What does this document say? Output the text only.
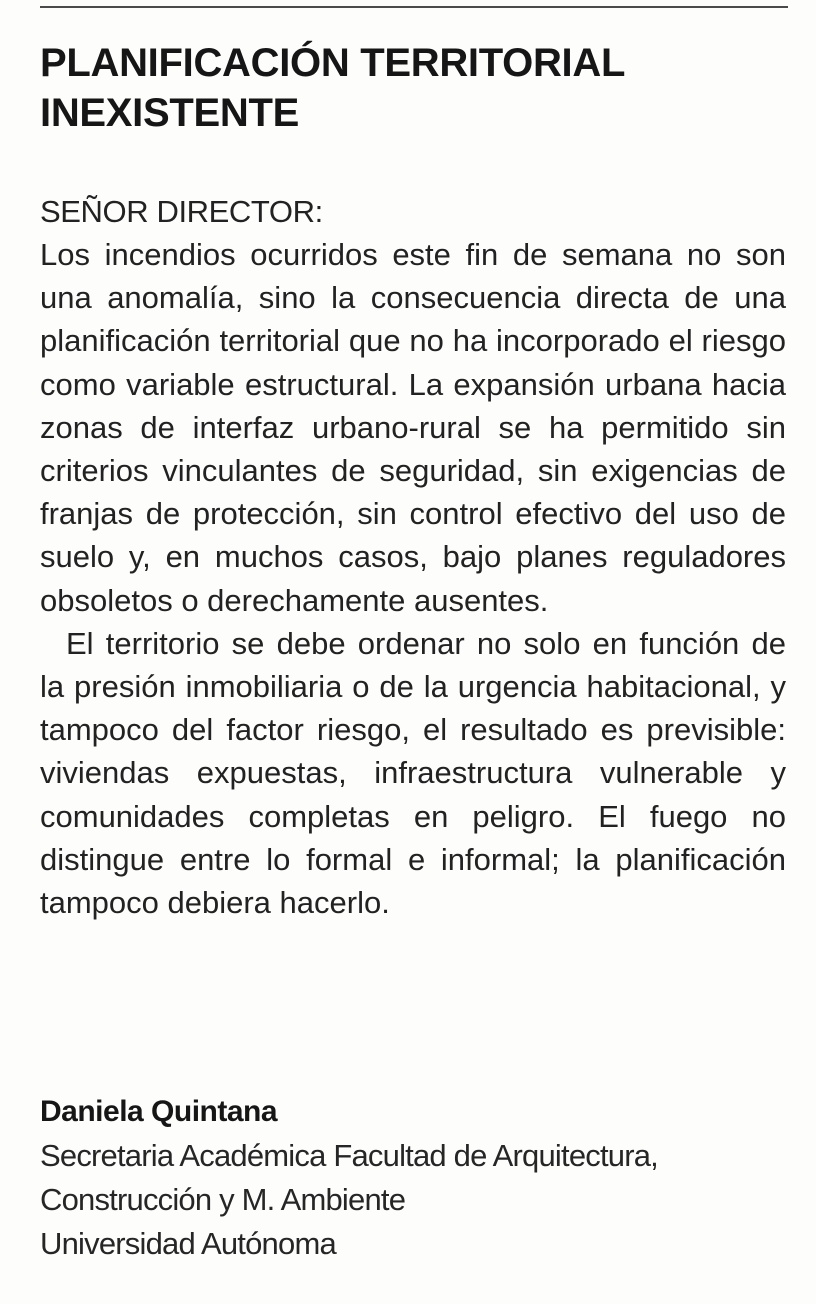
PLANIFICACIÓN TERRITORIAL
INEXISTENTE

SEÑOR DIRECTOR:

Los incendios ocurridos este fin de semana no son una anomalía, sino la consecuencia directa de una planificación territorial que no ha incorporado el riesgo como variable estructural. La expansión urbana hacia zonas de interfaz urbano-rural se ha permitido sin criterios vinculantes de seguridad, sin exigencias de franjas de protección, sin control efectivo del uso de suelo y, en muchos casos, bajo planes reguladores obsoletos o derechamente ausentes.

El territorio se debe ordenar no solo en función de la presión inmobiliaria o de la urgencia habitacional, y tampoco del factor riesgo, el resultado es previsible: viviendas expuestas, infraestructura vulnerable y comunidades completas en peligro. El fuego no distingue entre lo formal e informal; la planificación tampoco debiera hacerlo.

Daniela Quintana

Secretaria Académica Facultad de Arquitectura,

Construcción y M. Ambiente

Universidad Autónoma
